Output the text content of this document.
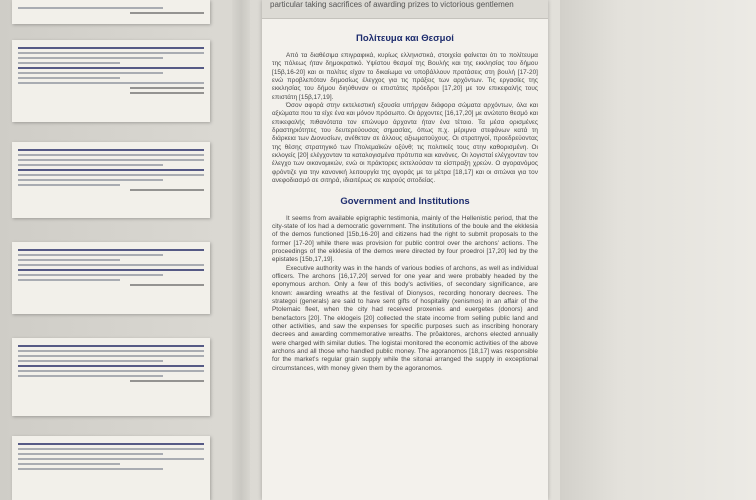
particular taking sacrifices of awarding prizes to victorious gentlemen
Πολίτευμα και Θεσμοί
Από τα διαθέσιμα επιγραφικά, κυρίως ελληνιστικά, στοιχεία φαίνεται ότι το πολίτευμα της πόλεως ήταν δημοκρατικό. Υψίστου θεσμοί της Βουλής και της εκκλησίας του δήμου [15β,16-20] και οι πολίτες είχαν το δικαίωμα να υποβάλλουν προτάσεις στη βουλή [17-20] ενώ προβλεπόταν δημοσίως έλεγχος για τις πράξεις των αρχόντων. Τις εργασίες της εκκλησίας του δήμου διηύθυναν οι επιστάτες πρόεδροι [17,20] με τον επικεφαλής τους επιστάτη [15β,17,19].
Όσον αφορά στην εκτελεστική εξουσία υπήρχαν διάφορα σώματα αρχόντων, όλα και αξιώματα που τα είχε ένα και μόνον πρόσωπο. Οι άρχοντες [16,17,20] με ανώτατο θεσμό και επικεφαλής πιθανότατα τον επώνυμο άρχοντα ήταν ένα τέτοιο. Τα μέσα ορισμένες δραστηριότητες του δευτερεύουσας σημασίας, όπως π.χ. μέριμνα στεφάνων κατά τη διάρκεια των Διονυσίων, ανέθεταν σε άλλους αξιωματούχους. Οι στρατηγοί, προεδρεύοντας της θέσης στρατηγικό των Πτολεμαϊκών οξύνθ; τις πολιτικές τους στην καθορισμένη. Οι εκλογείς [20] ελέγχονταν τα καταλογισμένα πρότυπα και κανόνες. Οι λογισταί ελέγχονταν τον έλεγχο των οικονομικών, ενώ οι πράκτορες εκτελούσαν τα είσπραξη χρεών. Ο αγορανόμος φρόντιζε για την κανονική λειτουργία της αγοράς με τα μέτρα [18,17] και οι σιτώναι για τον ανεφοδιασμό σε σιτηρά, ιδιαιτέρως σε καιρούς σιτοδείας.
Government and Institutions
It seems from available epigraphic testimonia, mainly of the Hellenistic period, that the city-state of Ios had a democratic government. The institutions of the boule and the ekklesia of the demos functioned [15b,16-20] and citizens had the right to submit proposals to the former [17-20] while there was provision for public control over the archons' actions. The proceedings of the ekklesia of the demos were directed by four proedroi [17,20] led by the epistates [15b,17,19].
Executive authority was in the hands of various bodies of archons, as well as individual officers. The archons [16,17,20] served for one year and were probably headed by the eponymous archon. Only a few of this body's activities, of secondary significance, are known: awarding wreaths at the festival of Dionysos, recording honorary decrees. The strategoi (generals) are said to have sent gifts of hospitality (xenismos) in an affair of the Ptolemaic fleet, when the city had received proxenies and euergetes (donors) and benefactors [20]. The eklogeis [20] collected the state income from selling public land and other activities, and saw the expenses for specific purposes such as inscribing honorary decrees and awarding commemorative wreaths. The prŏaktores, archons elected annually were charged with similar duties. The logistai monitored the economic activities of the above archons and all those who handled public money. The agoranomos [18,17] was responsible for the market's regular grain supply while the sitonai arranged the supply in exceptional circumstances, with money given them by the agoranomos.
